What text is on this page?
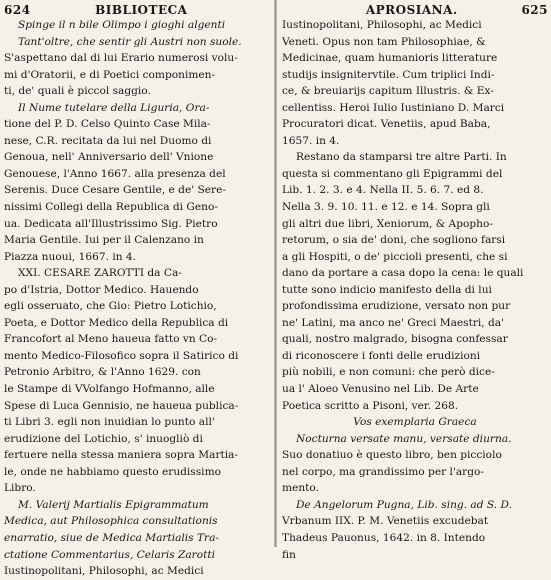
624	BIBLIOTECA
Spinge il n bile Olimpo i gioghi algenti
Tant'oltre, che sentir gli Austri non suole.
S'aspettano dal di lui Erario numerosi volu-
mi d'Oratorii, e di Poetici componimen-
ti, de' quali è piccol saggio.
Il Nume tutelare della Liguria, Ora-
tione del P. D. Celso Quinto Case Mila-
nese, C.R. recitata da lui nel Duomo di
Genoua, nell' Anniversario dell' Vnione
Genouese, l'Anno 1667. alla presenza del
Serenis. Duce Cesare Gentile, e de' Sere-
nissimi Collegi della Republica di Geno-
ua. Dedicata all'Illustrissimo Sig. Pietro
Maria Gentile. Iui per il Calenzano in
Piazza nuoui, 1667. in 4.
XXI. CESARE ZAROTTI da Ca-
po d'Istria, Dottor Medico. Hauendo
egli osseruato, che Gio: Pietro Lotichio,
Poeta, e Dottor Medico della Republica di
Francofort al Meno haueua fatto vn Co-
mento Medico-Filosofico sopra il Satirico di
Petronio Arbitro, & l'Anno 1629. con
le Stampe di VVolfango Hofmanno, alle
Spese di Luca Gennisio, ne haueua publica-
ti Libri 3. egli non inuidian lo punto all'
erudizione del Lotichio, s' inuogliò di
fertuere nella stessa maniera sopra Martia-
le, onde ne habbiamo questo erudissimo
Libro.
M. Valerij Martialis Epigrammatum
Medica, aut Philosophica consultationis
enarratio, siue de Medica Martialis Tra-
ctatione Commentarius, Celaris Zarotti
Iustinopolitani, Philosophi, ac Medici
APROSIANA.	625
Iustinopolitani, Philosophi, ac Medici
Veneti. Opus non tam Philosophiae, &
Medicinae, quam humanioris litterature
studijs insignitervtile. Cum triplici Indi-
ce, & breuiarijs capitum Illustris. & Ex-
cellentiss. Heroi Iulio Iustiniano D. Marci
Procuratori dicat. Venetiis, apud Baba,
1657. in 4.
Restano da stamparsi tre altre Parti. In
questa si commentano gli Epigrammi del
Lib. 1. 2. 3. e 4. Nella II. 5. 6. 7. ed 8.
Nella 3. 9. 10. 11. e 12. e 14. Sopra gli
gli altri due libri, Xeniorum, & Apopho-
retorum, o sia de' doni, che sogliono farsi
a gli Hospiti, o de' piccioli presenti, che si
dano da portare a casa dopo la cena: le quali
tutte sono indicio manifesto della di lui
profondissima erudizione, versato non pur
ne' Latini, ma anco ne' Greci Maestri, da'
quali, nostro malgrado, bisogna confessar
di riconoscere i fonti delle erudizioni
più nobili, e non comuni: che però dice-
ua l' Aloeo Venusino nel Lib. De Arte
Poetica scritto a Pisoni, ver. 268.
Vos exemplaria Graeca
Nocturna versate manu, versate diurna.
Suo donatiuo è questo libro, ben picciolo
nel corpo, ma grandissimo per l'argo-
mento.
De Angelorum Pugna, Lib. sing. ad S. D.
Vrbanum IIX. P. M. Venetiis excudebat
Thadeus Pauonus, 1642. in 8. Intendo
fin
